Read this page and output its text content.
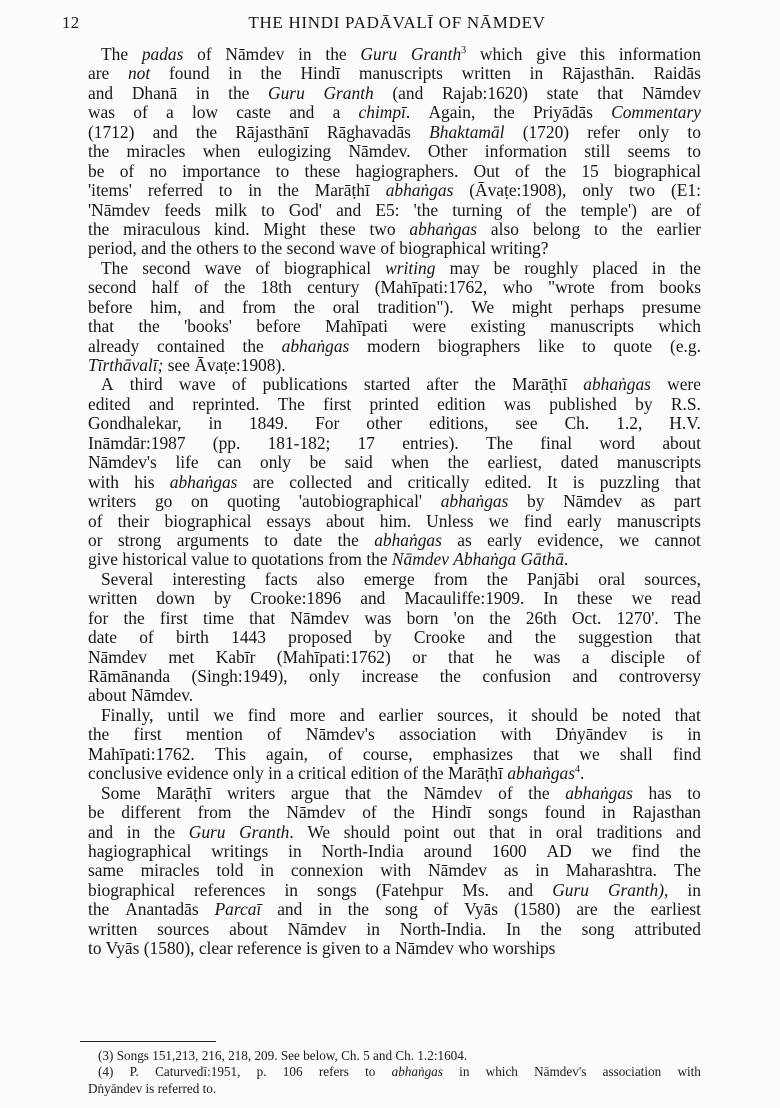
12	THE HINDI PADĀVALĪ OF NĀMDEV
The padas of Nāmdev in the Guru Granth$^3$ which give this information
are not found in the Hindī manuscripts written in Rājasthān. Raidās
and Dhanā in the Guru Granth (and Rajab:1620) state that Nāmdev
was of a low caste and a chimpī. Again, the Priyādās Commentary
(1712) and the Rājasthānī Rāghavadās Bhaktamāl (1720) refer only to
the miracles when eulogizing Nāmdev. Other information still seems to
be of no importance to these hagiographers. Out of the 15 biographical
'items' referred to in the Marāṭhī abhaṅgas (Āvaṭe:1908), only two (E1:
'Nāmdev feeds milk to God' and E5: 'the turning of the temple') are of
the miraculous kind. Might these two abhaṅgas also belong to the earlier
period, and the others to the second wave of biographical writing?
The second wave of biographical writing may be roughly placed in the
second half of the 18th century (Mahīpati:1762, who "wrote from books
before him, and from the oral tradition"). We might perhaps presume
that the 'books' before Mahīpati were existing manuscripts which
already contained the abhaṅgas modern biographers like to quote (e.g.
Tīrthāvalī; see Āvaṭe:1908).
A third wave of publications started after the Marāṭhī abhaṅgas were
edited and reprinted. The first printed edition was published by R.S.
Gondhalekar, in 1849. For other editions, see Ch. 1.2, H.V.
Ināmdār:1987 (pp. 181-182; 17 entries). The final word about
Nāmdev's life can only be said when the earliest, dated manuscripts
with his abhaṅgas are collected and critically edited. It is puzzling that
writers go on quoting 'autobiographical' abhaṅgas by Nāmdev as part
of their biographical essays about him. Unless we find early manuscripts
or strong arguments to date the abhaṅgas as early evidence, we cannot
give historical value to quotations from the Nāmdev Abhaṅga Gāthā.
Several interesting facts also emerge from the Panjābi oral sources,
written down by Crooke:1896 and Macauliffe:1909. In these we read
for the first time that Nāmdev was born 'on the 26th Oct. 1270'. The
date of birth 1443 proposed by Crooke and the suggestion that
Nāmdev met Kabīr (Mahīpati:1762) or that he was a disciple of
Rāmānanda (Singh:1949), only increase the confusion and controversy
about Nāmdev.
Finally, until we find more and earlier sources, it should be noted that
the first mention of Nāmdev's association with Dṅyāndev is in
Mahīpati:1762. This again, of course, emphasizes that we shall find
conclusive evidence only in a critical edition of the Marāṭhī abhaṅgas$^4$.
Some Marāṭhī writers argue that the Nāmdev of the abhaṅgas has to
be different from the Nāmdev of the Hindī songs found in Rajasthan
and in the Guru Granth. We should point out that in oral traditions and
hagiographical writings in North-India around 1600 AD we find the
same miracles told in connexion with Nāmdev as in Maharashtra. The
biographical references in songs (Fatehpur Ms. and Guru Granth), in
the Anantadās Parcaī and in the song of Vyās (1580) are the earliest
written sources about Nāmdev in North-India. In the song attributed
to Vyās (1580), clear reference is given to a Nāmdev who worships
(3) Songs 151,213, 216, 218, 209. See below, Ch. 5 and Ch. 1.2:1604.
(4) P. Caturvedī:1951, p. 106 refers to abhaṅgas in which Nāmdev's association with
Dṅyāndev is referred to.
